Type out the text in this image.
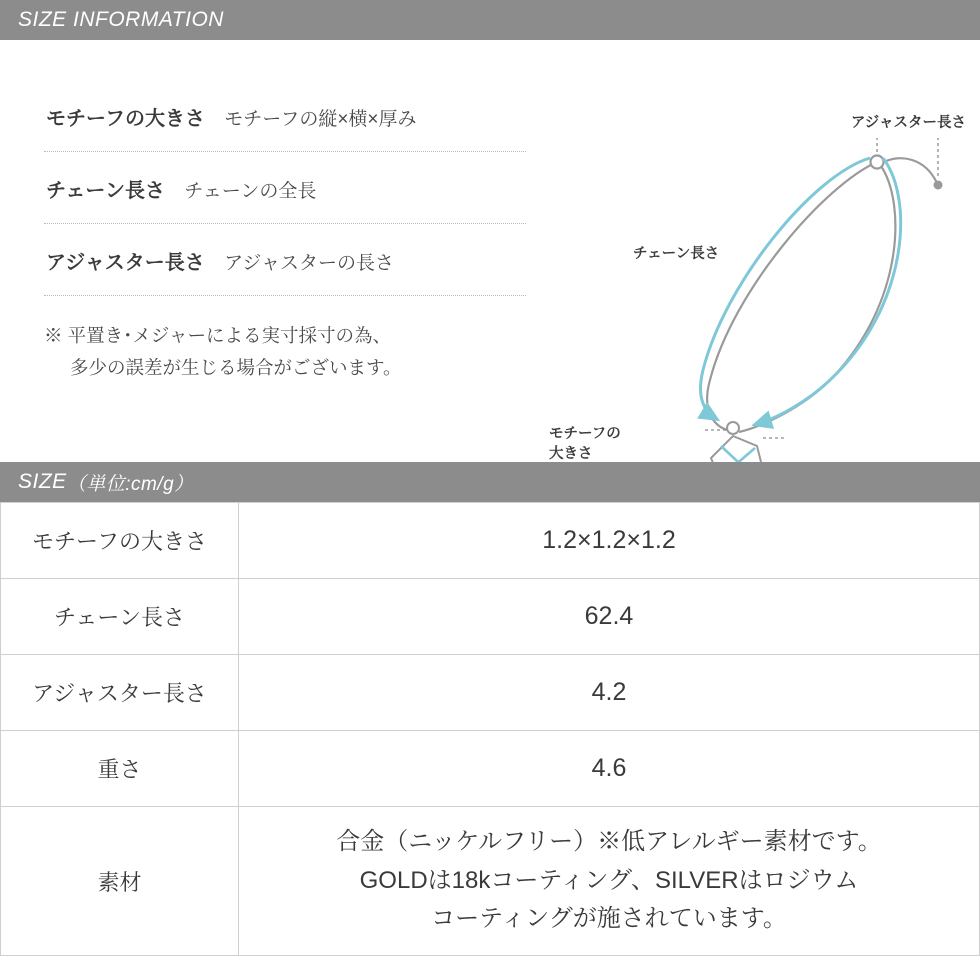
SIZE INFORMATION
モチーフの大きさ モチーフの縦×横×厚み
チェーン長さ チェーンの全長
アジャスター長さ アジャスターの長さ
※ 平置き･メジャーによる実寸採寸の為、
多少の誤差が生じる場合がございます。
アジャスター長さ
チェーン長さ
モチーフの
大きさ
SIZE （単位:cm/g）
モチーフの大きさ	1.2×1.2×1.2
チェーン長さ	62.4
アジャスター長さ	4.2
重さ	4.6
素材	合金（ニッケルフリー）※低アレルギー素材です。
GOLDは18kコーティング、SILVERはロジウム
コーティングが施されています。
